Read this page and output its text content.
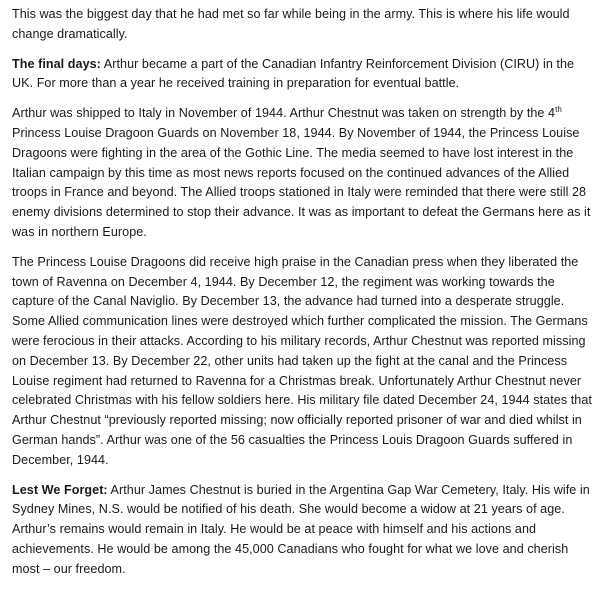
This was the biggest day that he had met so far while being in the army. This is where his life would change dramatically.

The final days: Arthur became a part of the Canadian Infantry Reinforcement Division (CIRU) in the UK. For more than a year he received training in preparation for eventual battle.

Arthur was shipped to Italy in November of 1944. Arthur Chestnut was taken on strength by the 4th Princess Louise Dragoon Guards on November 18, 1944. By November of 1944, the Princess Louise Dragoons were fighting in the area of the Gothic Line. The media seemed to have lost interest in the Italian campaign by this time as most news reports focused on the continued advances of the Allied troops in France and beyond. The Allied troops stationed in Italy were reminded that there were still 28 enemy divisions determined to stop their advance. It was as important to defeat the Germans here as it was in northern Europe.

The Princess Louise Dragoons did receive high praise in the Canadian press when they liberated the town of Ravenna on December 4, 1944. By December 12, the regiment was working towards the capture of the Canal Naviglio. By December 13, the advance had turned into a desperate struggle. Some Allied communication lines were destroyed which further complicated the mission. The Germans were ferocious in their attacks. According to his military records, Arthur Chestnut was reported missing on December 13. By December 22, other units had taken up the fight at the canal and the Princess Louise regiment had returned to Ravenna for a Christmas break. Unfortunately Arthur Chestnut never celebrated Christmas with his fellow soldiers here. His military file dated December 24, 1944 states that Arthur Chestnut “previously reported missing; now officially reported prisoner of war and died whilst in German hands”. Arthur was one of the 56 casualties the Princess Louis Dragoon Guards suffered in December, 1944.

Lest We Forget: Arthur James Chestnut is buried in the Argentina Gap War Cemetery, Italy. His wife in Sydney Mines, N.S. would be notified of his death. She would become a widow at 21 years of age. Arthur’s remains would remain in Italy. He would be at peace with himself and his actions and achievements. He would be among the 45,000 Canadians who fought for what we love and cherish most – our freedom.
